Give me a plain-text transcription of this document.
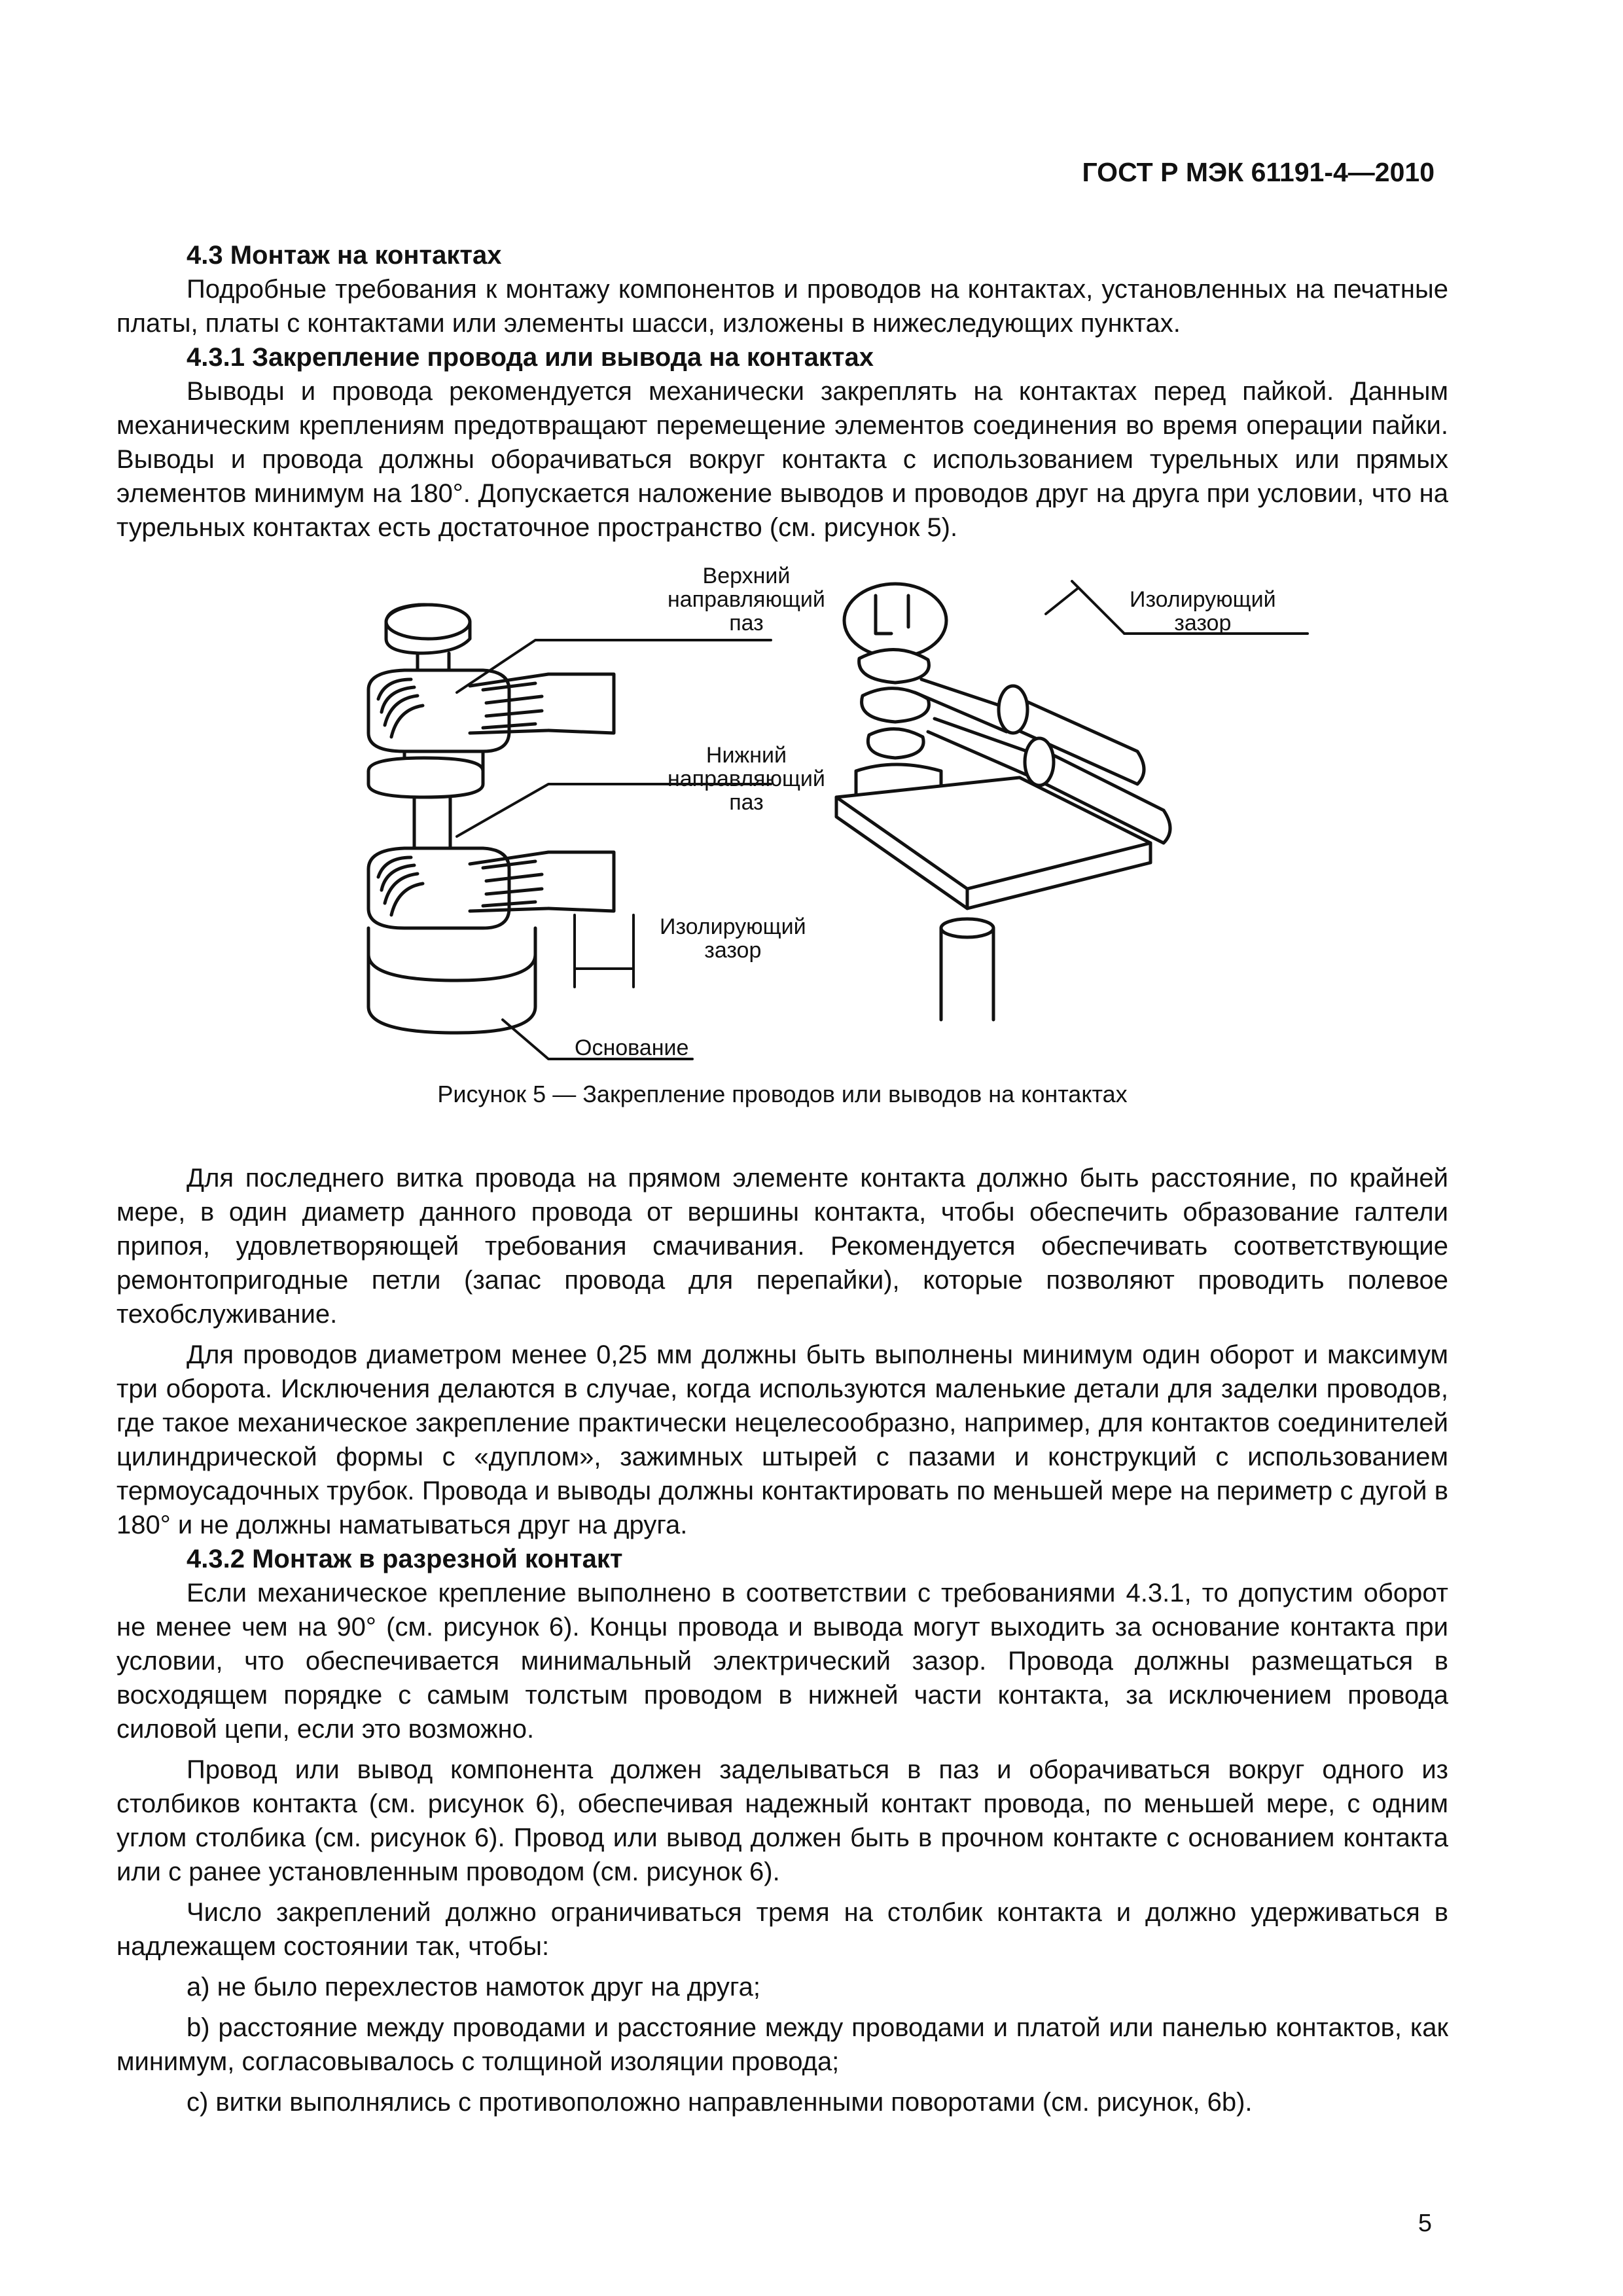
ГОСТ Р МЭК 61191-4—2010

4.3 Монтаж на контактах

Подробные требования к монтажу компонентов и проводов на контактах, установленных на печатные платы, платы с контактами или элементы шасси, изложены в нижеследующих пунктах.

4.3.1 Закрепление провода или вывода на контактах

Выводы и провода рекомендуется механически закреплять на контактах перед пайкой. Данным механическим креплениям предотвращают перемещение элементов соединения во время операции пайки. Выводы и провода должны оборачиваться вокруг контакта с использованием турельных или прямых элементов минимум на 180°. Допускается наложение выводов и проводов друг на друга при условии, что на турельных контактах есть достаточное пространство (см. рисунок 5).

Верхний
направляющий
паз
Нижний
направляющий
паз
Изолирующий
зазор
Основание
Изолирующий
зазор

Рисунок 5 — Закрепление проводов или выводов на контактах

Для последнего витка провода на прямом элементе контакта должно быть расстояние, по крайней мере, в один диаметр данного провода от вершины контакта, чтобы обеспечить образование галтели припоя, удовлетворяющей требования смачивания. Рекомендуется обеспечивать соответствующие ремонтопригодные петли (запас провода для перепайки), которые позволяют проводить полевое техобслуживание.

Для проводов диаметром менее 0,25 мм должны быть выполнены минимум один оборот и максимум три оборота. Исключения делаются в случае, когда используются маленькие детали для заделки проводов, где такое механическое закрепление практически нецелесообразно, например, для контактов соединителей цилиндрической формы с «дуплом», зажимных штырей с пазами и конструкций с использованием термоусадочных трубок. Провода и выводы должны контактировать по меньшей мере на периметр с дугой в 180° и не должны наматываться друг на друга.

4.3.2 Монтаж в разрезной контакт

Если механическое крепление выполнено в соответствии с требованиями 4.3.1, то допустим оборот не менее чем на 90° (см. рисунок 6). Концы провода и вывода могут выходить за основание контакта при условии, что обеспечивается минимальный электрический зазор. Провода должны размещаться в восходящем порядке с самым толстым проводом в нижней части контакта, за исключением провода силовой цепи, если это возможно.

Провод или вывод компонента должен заделываться в паз и оборачиваться вокруг одного из столбиков контакта (см. рисунок 6), обеспечивая надежный контакт провода, по меньшей мере, с одним углом столбика (см. рисунок 6). Провод или вывод должен быть в прочном контакте с основанием контакта или с ранее установленным проводом (см. рисунок 6).

Число закреплений должно ограничиваться тремя на столбик контакта и должно удерживаться в надлежащем состоянии так, чтобы:

a) не было перехлестов намоток друг на друга;

b) расстояние между проводами и расстояние между проводами и платой или панелью контактов, как минимум, согласовывалось с толщиной изоляции провода;

c) витки выполнялись с противоположно направленными поворотами (см. рисунок, 6b).

5
